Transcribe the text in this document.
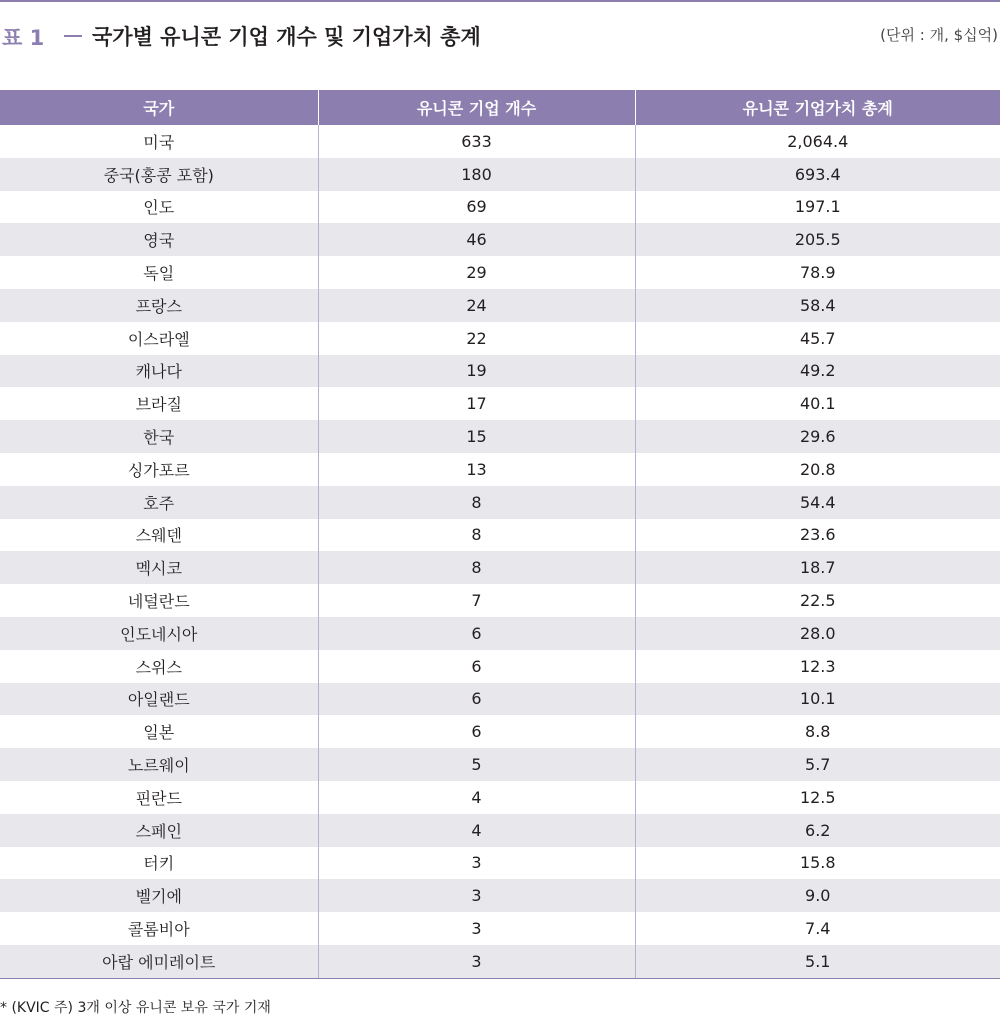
표 1 국가별 유니콘 기업 개수 및 기업가치 총계	(단위 : 개, $십억)
국가	유니콘 기업 개수	유니콘 기업가치 총계
미국	633	2,064.4
중국(홍콩 포함)	180	693.4
인도	69	197.1
영국	46	205.5
독일	29	78.9
프랑스	24	58.4
이스라엘	22	45.7
캐나다	19	49.2
브라질	17	40.1
한국	15	29.6
싱가포르	13	20.8
호주	8	54.4
스웨덴	8	23.6
멕시코	8	18.7
네덜란드	7	22.5
인도네시아	6	28.0
스위스	6	12.3
아일랜드	6	10.1
일본	6	8.8
노르웨이	5	5.7
핀란드	4	12.5
스페인	4	6.2
터키	3	15.8
벨기에	3	9.0
콜롬비아	3	7.4
아랍 에미레이트	3	5.1
* (KVIC 주) 3개 이상 유니콘 보유 국가 기재
